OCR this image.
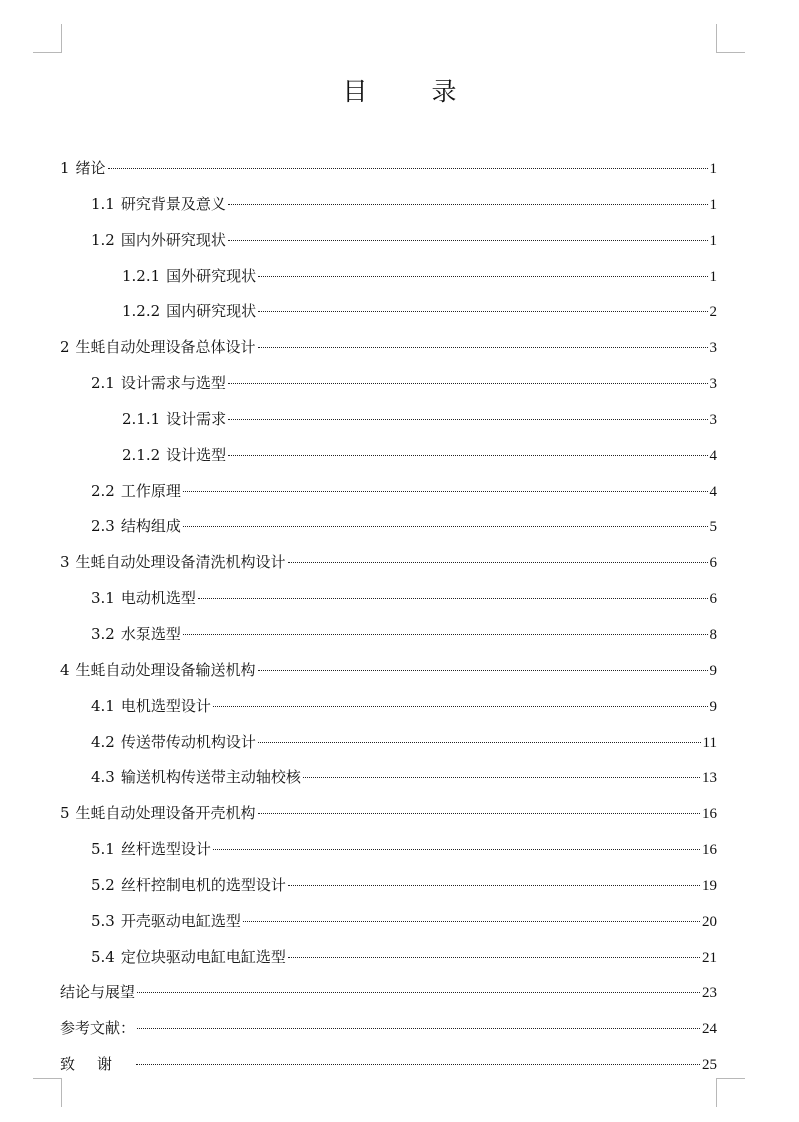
目 录
1 绪论	1
1.1 研究背景及意义	1
1.2 国内外研究现状	1
1.2.1 国外研究现状	1
1.2.2 国内研究现状	2
2 生蚝自动处理设备总体设计	3
2.1 设计需求与选型	3
2.1.1 设计需求	3
2.1.2 设计选型	4
2.2 工作原理	4
2.3 结构组成	5
3 生蚝自动处理设备清洗机构设计	6
3.1 电动机选型	6
3.2 水泵选型	8
4 生蚝自动处理设备输送机构	9
4.1 电机选型设计	9
4.2 传送带传动机构设计	11
4.3 输送机构传送带主动轴校核	13
5 生蚝自动处理设备开壳机构	16
5.1 丝杆选型设计	16
5.2 丝杆控制电机的选型设计	19
5.3 开壳驱动电缸选型	20
5.4 定位块驱动电缸电缸选型	21
结论与展望	23
参考文献：	24
致谢	25
